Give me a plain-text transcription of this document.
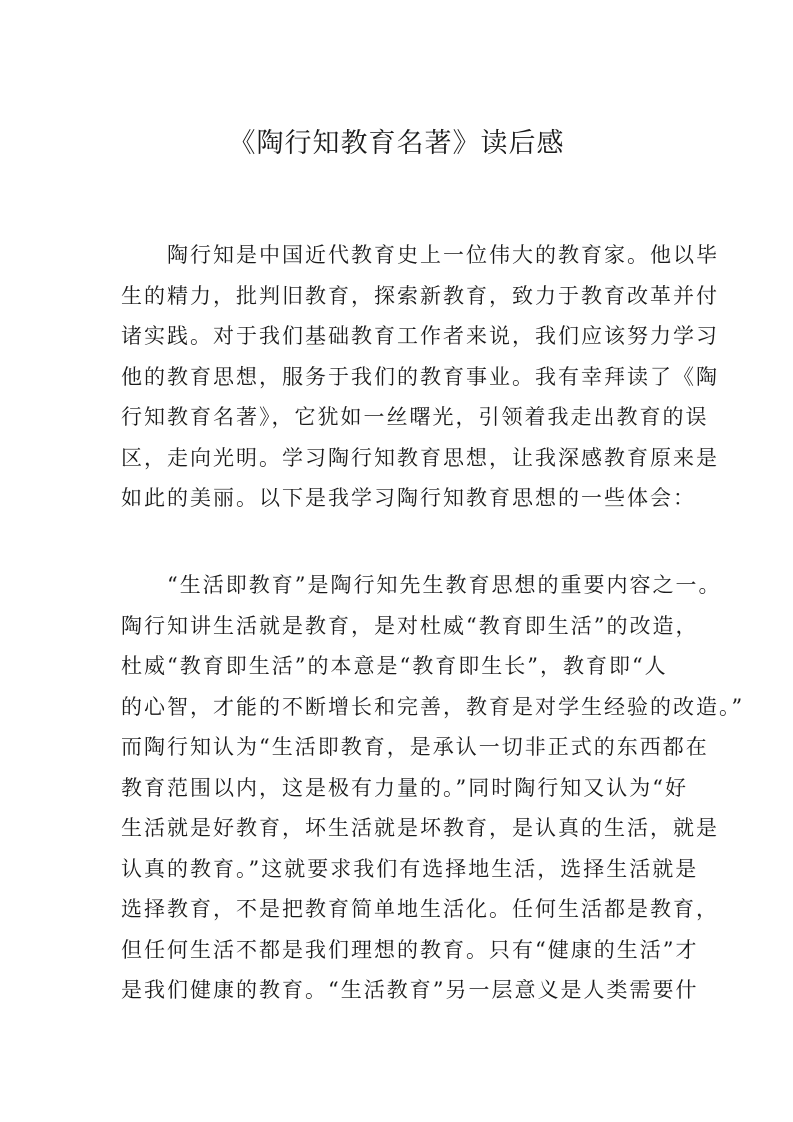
《陶行知教育名著》读后感
　　陶行知是中国近代教育史上一位伟大的教育家。他以毕
生的精力，批判旧教育，探索新教育，致力于教育改革并付
诸实践。对于我们基础教育工作者来说，我们应该努力学习
他的教育思想，服务于我们的教育事业。我有幸拜读了《陶
行知教育名著》，它犹如一丝曙光，引领着我走出教育的误
区，走向光明。学习陶行知教育思想，让我深感教育原来是
如此的美丽。以下是我学习陶行知教育思想的一些体会：
　　“生活即教育”是陶行知先生教育思想的重要内容之一。
陶行知讲生活就是教育，是对杜威“教育即生活”的改造，
杜威“教育即生活”的本意是“教育即生长”，教育即“人
的心智，才能的不断增长和完善，教育是对学生经验的改造。”
而陶行知认为“生活即教育，是承认一切非正式的东西都在
教育范围以内，这是极有力量的。”同时陶行知又认为“好
生活就是好教育，坏生活就是坏教育，是认真的生活，就是
认真的教育。”这就要求我们有选择地生活，选择生活就是
选择教育，不是把教育简单地生活化。任何生活都是教育，
但任何生活不都是我们理想的教育。只有“健康的生活”才
是我们健康的教育。“生活教育”另一层意义是人类需要什
